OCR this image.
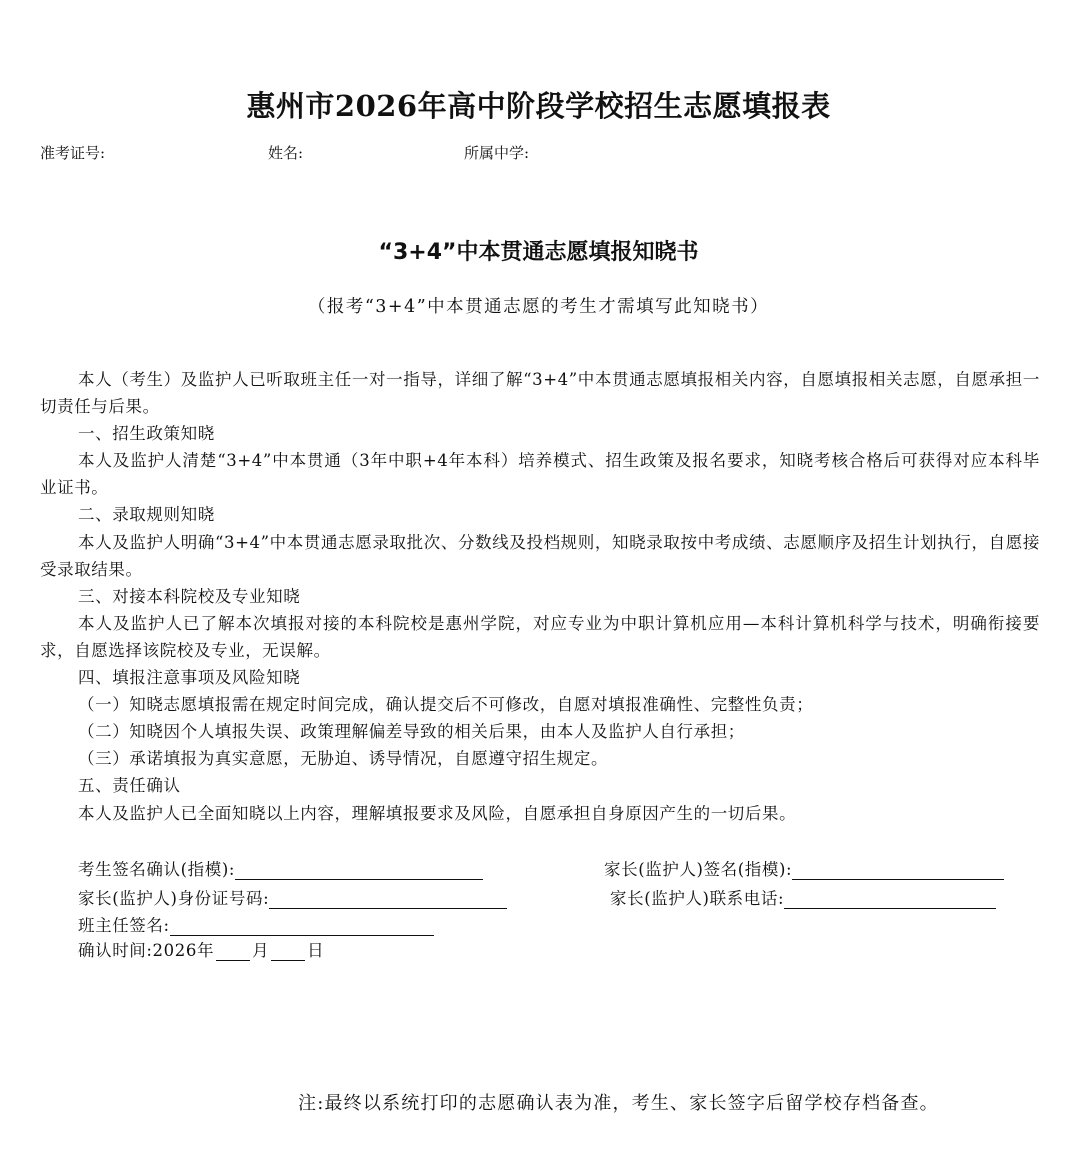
惠州市2026年高中阶段学校招生志愿填报表
准考证号:	姓名:	所属中学:
“3+4”中本贯通志愿填报知晓书
（报考“3+4”中本贯通志愿的考生才需填写此知晓书）

本人（考生）及监护人已听取班主任一对一指导，详细了解“3+4”中本贯通志愿填报相关内容，自愿填报相关志愿，自愿承担一切责任与后果。

一、招生政策知晓

本人及监护人清楚“3+4”中本贯通（3年中职+4年本科）培养模式、招生政策及报名要求，知晓考核合格后可获得对应本科毕业证书。

二、录取规则知晓

本人及监护人明确“3+4”中本贯通志愿录取批次、分数线及投档规则，知晓录取按中考成绩、志愿顺序及招生计划执行，自愿接受录取结果。

三、对接本科院校及专业知晓

本人及监护人已了解本次填报对接的本科院校是惠州学院，对应专业为中职计算机应用—本科计算机科学与技术，明确衔接要求，自愿选择该院校及专业，无误解。

四、填报注意事项及风险知晓

（一）知晓志愿填报需在规定时间完成，确认提交后不可修改，自愿对填报准确性、完整性负责；

（二）知晓因个人填报失误、政策理解偏差导致的相关后果，由本人及监护人自行承担；

（三）承诺填报为真实意愿，无胁迫、诱导情况，自愿遵守招生规定。

五、责任确认

本人及监护人已全面知晓以上内容，理解填报要求及风险，自愿承担自身原因产生的一切后果。

考生签名确认(指模):	家长(监护人)签名(指模):
家长(监护人)身份证号码:	家长(监护人)联系电话:
班主任签名:
确认时间:2026年 月 日
注:最终以系统打印的志愿确认表为准，考生、家长签字后留学校存档备查。
